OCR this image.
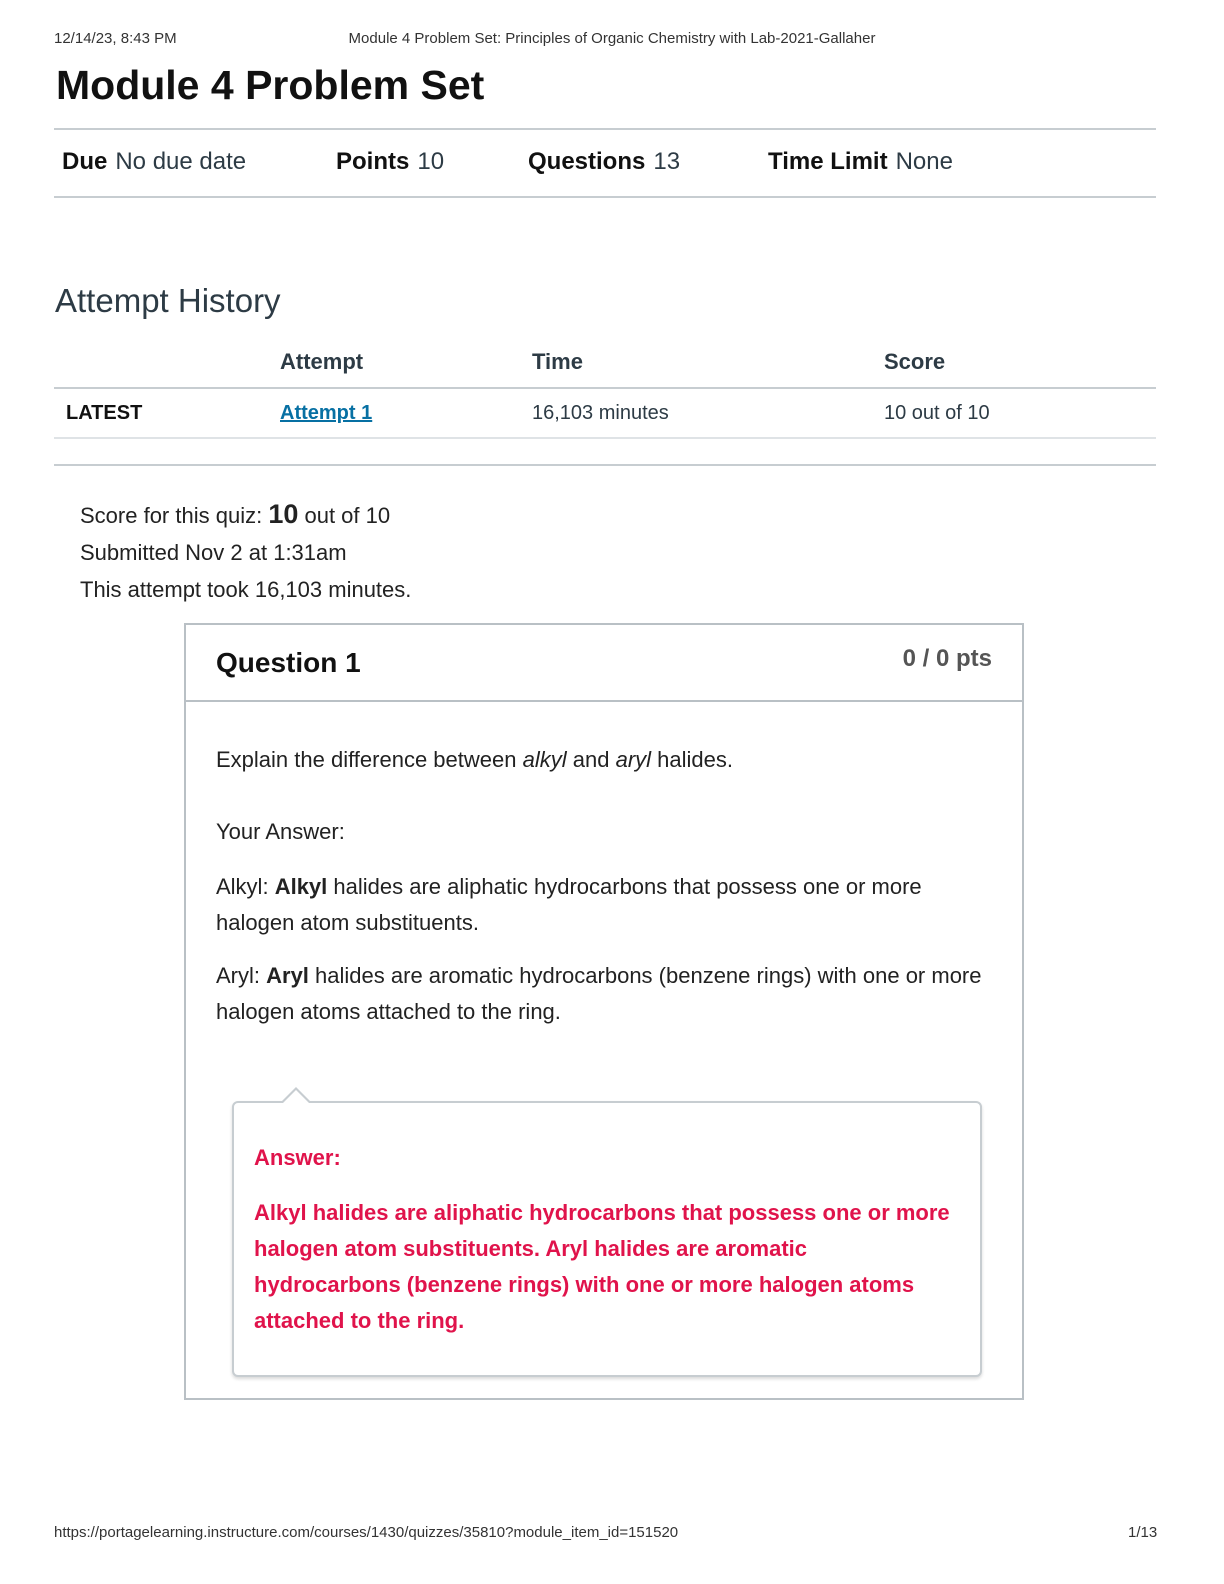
12/14/23, 8:43 PM	Module 4 Problem Set: Principles of Organic Chemistry with Lab-2021-Gallaher
Module 4 Problem Set
Due No due date	Points 10	Questions 13	Time Limit None
Attempt History
	Attempt	Time	Score
LATEST	Attempt 1	16,103 minutes	10 out of 10
Score for this quiz: 10 out of 10
Submitted Nov 2 at 1:31am
This attempt took 16,103 minutes.
Question 1	0 / 0 pts
Explain the difference between alkyl and aryl halides.
Your Answer:
Alkyl: Alkyl halides are aliphatic hydrocarbons that possess one or more halogen atom substituents.
Aryl: Aryl halides are aromatic hydrocarbons (benzene rings) with one or more halogen atoms attached to the ring.
Answer:
Alkyl halides are aliphatic hydrocarbons that possess one or more halogen atom substituents. Aryl halides are aromatic hydrocarbons (benzene rings) with one or more halogen atoms attached to the ring.
https://portagelearning.instructure.com/courses/1430/quizzes/35810?module_item_id=151520	1/13
